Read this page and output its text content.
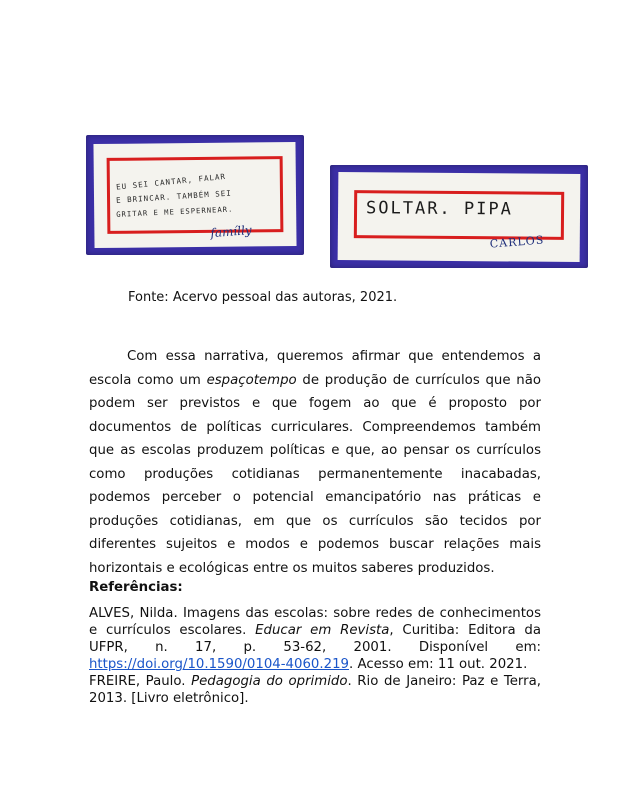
EU SEI CANTAR, FALAR
E BRINCAR. TAMBÉM SEI
GRITAR E ME ESPERNEAR.
famílly
SOLTAR. PIPA
CARLOS
Fonte: Acervo pessoal das autoras, 2021.

Com essa narrativa, queremos afirmar que entendemos a escola como um espaçotempo de produção de currículos que não podem ser previstos e que fogem ao que é proposto por documentos de políticas curriculares. Compreendemos também que as escolas produzem políticas e que, ao pensar os currículos como produções cotidianas permanentemente inacabadas, podemos perceber o potencial emancipatório nas práticas e produções cotidianas, em que os currículos são tecidos por diferentes sujeitos e modos e podemos buscar relações mais horizontais e ecológicas entre os muitos saberes produzidos.

Referências:

ALVES, Nilda. Imagens das escolas: sobre redes de conhecimentos e currículos escolares. Educar em Revista, Curitiba: Editora da UFPR, n. 17, p. 53-62, 2001. Disponível em: https://doi.org/10.1590/0104-4060.219. Acesso em: 11 out. 2021.

FREIRE, Paulo. Pedagogia do oprimido. Rio de Janeiro: Paz e Terra, 2013. [Livro eletrônico].
